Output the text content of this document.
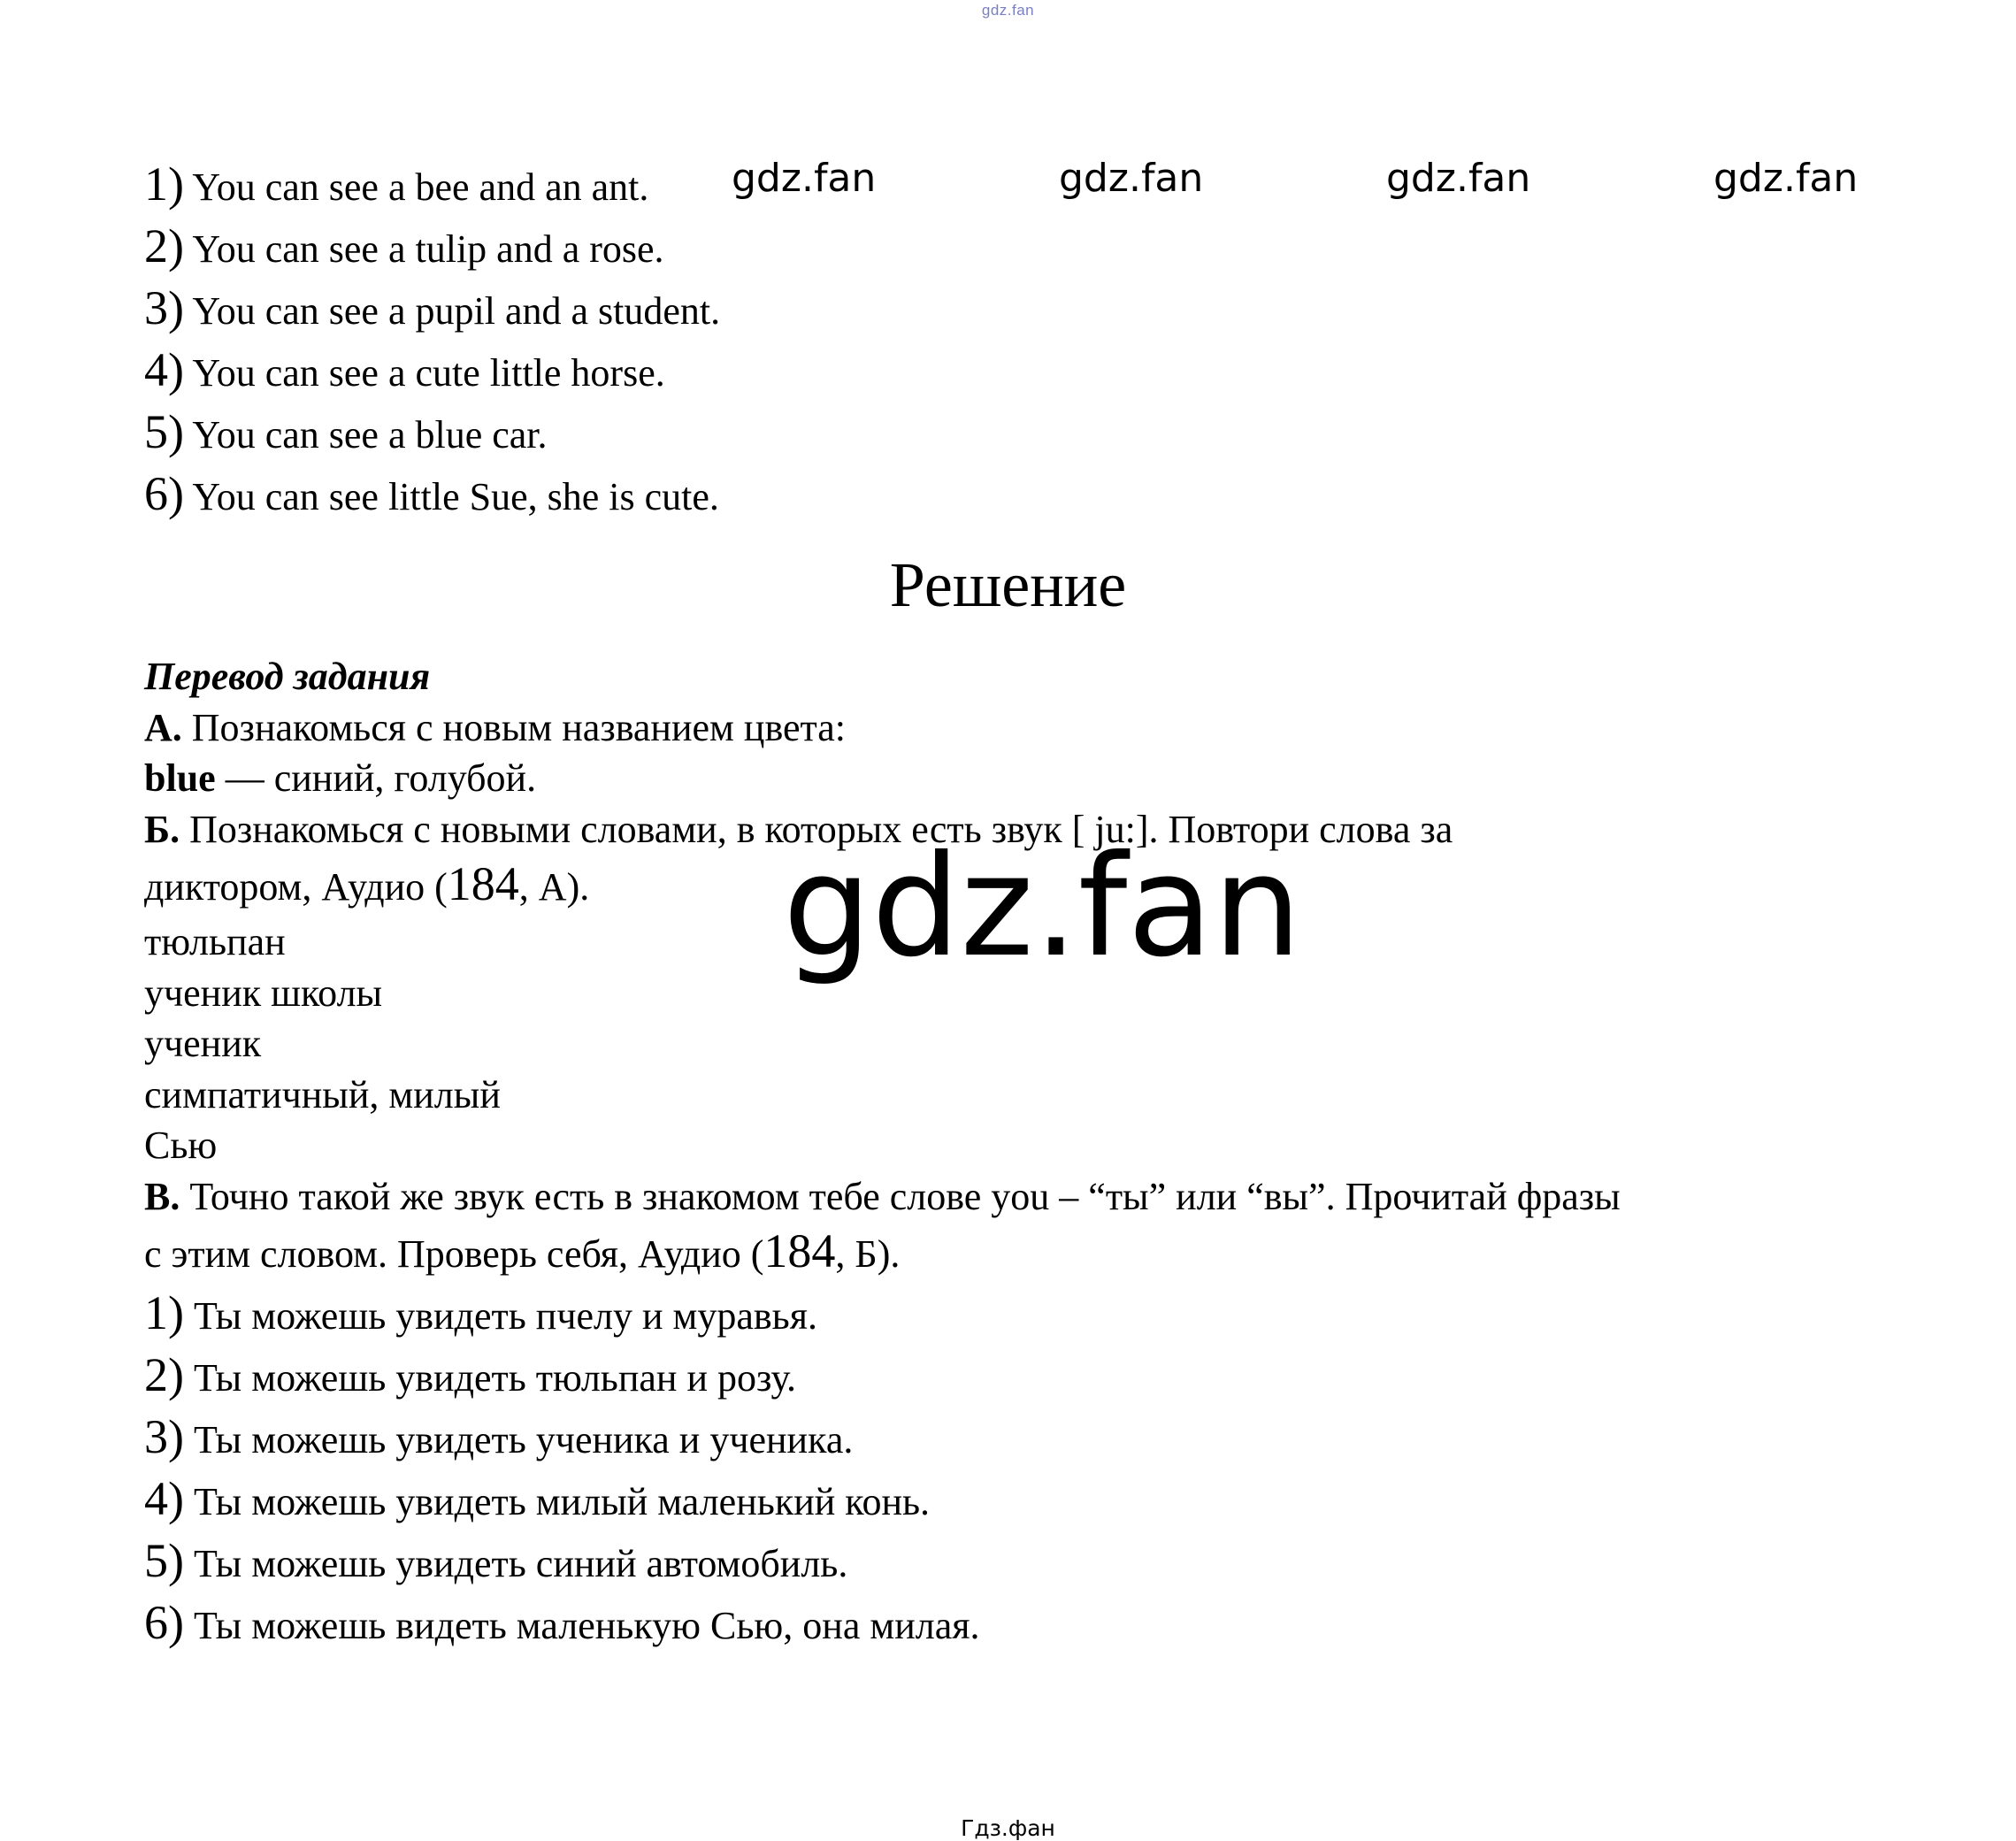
gdz.fan
1) You can see a bee and an ant.
2) You can see a tulip and a rose.
3) You can see a pupil and a student.
4) You can see a cute little horse.
5) You can see a blue car.
6) You can see little Sue, she is cute.
gdz.fan	gdz.fan	gdz.fan	gdz.fan
Решение
Перевод задания
А. Познакомься с новым названием цвета:
blue — синий, голубой.
Б. Познакомься с новыми словами, в которых есть звук [ ju:]. Повтори слова за
диктором, Аудио (184, А).
тюльпан
ученик школы
ученик
симпатичный, милый
Сью
В. Точно такой же звук есть в знакомом тебе слове you – “ты” или “вы”. Прочитай фразы
с этим словом. Проверь себя, Аудио (184, Б).
1) Ты можешь увидеть пчелу и муравья.
2) Ты можешь увидеть тюльпан и розу.
3) Ты можешь увидеть ученика и ученика.
4) Ты можешь увидеть милый маленький конь.
5) Ты можешь увидеть синий автомобиль.
6) Ты можешь видеть маленькую Сью, она милая.
gdz.fan
Гдз.фан
